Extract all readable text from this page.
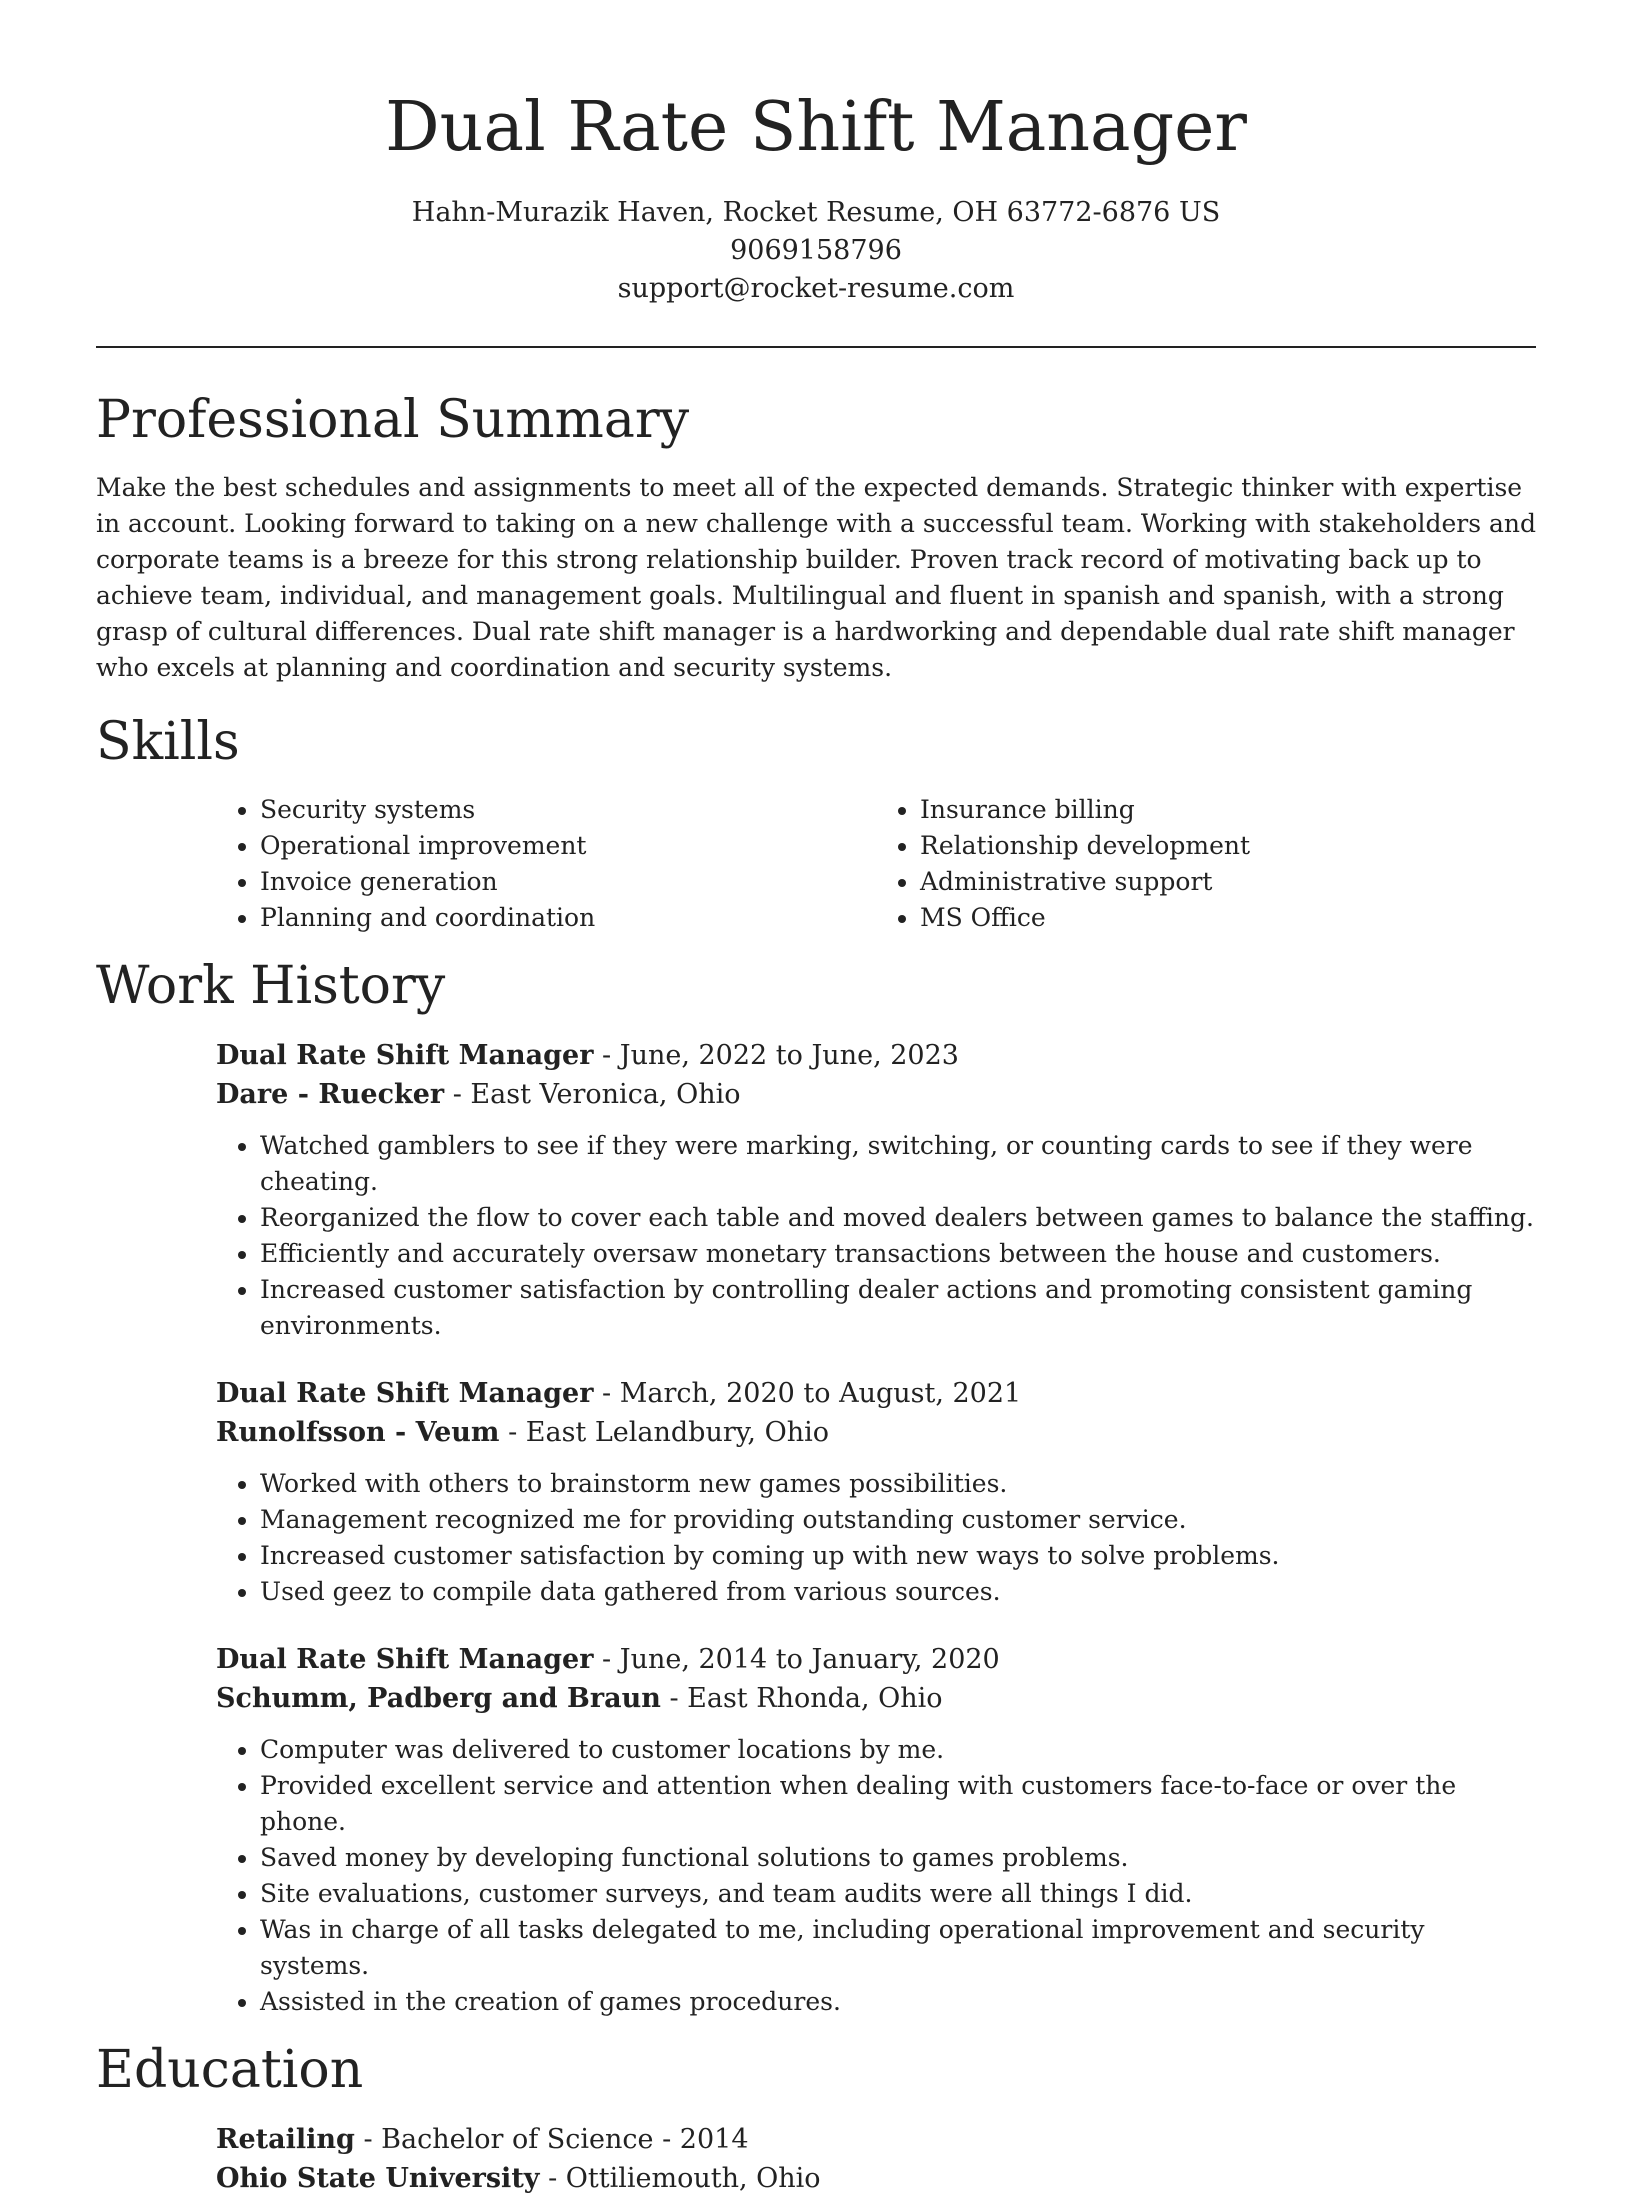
Dual Rate Shift Manager

Hahn-Murazik Haven, Rocket Resume, OH 63772-6876 US

9069158796

support@rocket-resume.com

Professional Summary

Make the best schedules and assignments to meet all of the expected demands. Strategic thinker with expertise in account. Looking forward to taking on a new challenge with a successful team. Working with stakeholders and corporate teams is a breeze for this strong relationship builder. Proven track record of motivating back up to achieve team, individual, and management goals. Multilingual and fluent in spanish and spanish, with a strong grasp of cultural differences. Dual rate shift manager is a hardworking and dependable dual rate shift manager who excels at planning and coordination and security systems.

Skills
• Security systems
• Operational improvement
• Invoice generation
• Planning and coordination
• Insurance billing
• Relationship development
• Administrative support
• MS Office
Work History

Dual Rate Shift Manager - June, 2022 to June, 2023

Dare - Ruecker - East Veronica, Ohio

• Watched gamblers to see if they were marking, switching, or counting cards to see if they were cheating.
• Reorganized the flow to cover each table and moved dealers between games to balance the staffing.
• Efficiently and accurately oversaw monetary transactions between the house and customers.
• Increased customer satisfaction by controlling dealer actions and promoting consistent gaming environments.

Dual Rate Shift Manager - March, 2020 to August, 2021

Runolfsson - Veum - East Lelandbury, Ohio

• Worked with others to brainstorm new games possibilities.
• Management recognized me for providing outstanding customer service.
• Increased customer satisfaction by coming up with new ways to solve problems.
• Used geez to compile data gathered from various sources.

Dual Rate Shift Manager - June, 2014 to January, 2020

Schumm, Padberg and Braun - East Rhonda, Ohio

• Computer was delivered to customer locations by me.
• Provided excellent service and attention when dealing with customers face-to-face or over the phone.
• Saved money by developing functional solutions to games problems.
• Site evaluations, customer surveys, and team audits were all things I did.
• Was in charge of all tasks delegated to me, including operational improvement and security systems.
• Assisted in the creation of games procedures.
Education

Retailing - Bachelor of Science - 2014

Ohio State University - Ottiliemouth, Ohio
